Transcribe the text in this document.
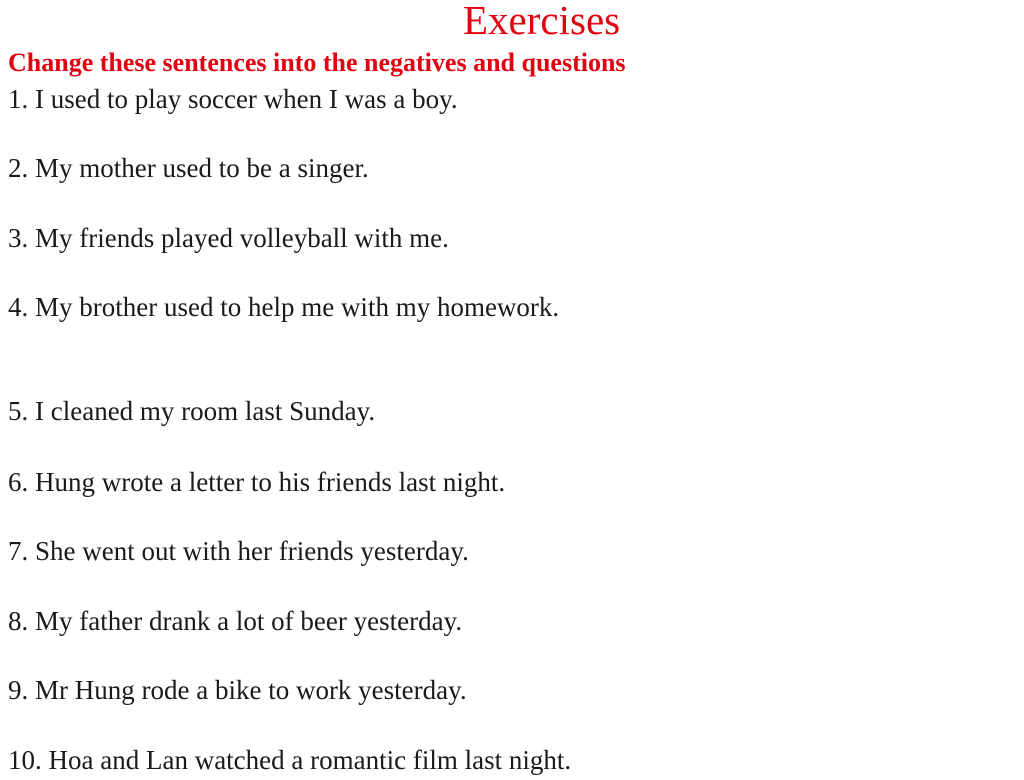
Exercises

Change these sentences into the negatives and questions

1. I used to play soccer when I was a boy.

2. My mother used to be a singer.

3. My friends played volleyball with me.

4. My brother used to help me with my homework.

5. I cleaned my room last Sunday.

6. Hung wrote a letter to his friends last night.

7. She went out with her friends yesterday.

8. My father drank a lot of beer yesterday.

9. Mr Hung rode a bike to work yesterday.

10. Hoa and Lan watched a romantic film last night.
